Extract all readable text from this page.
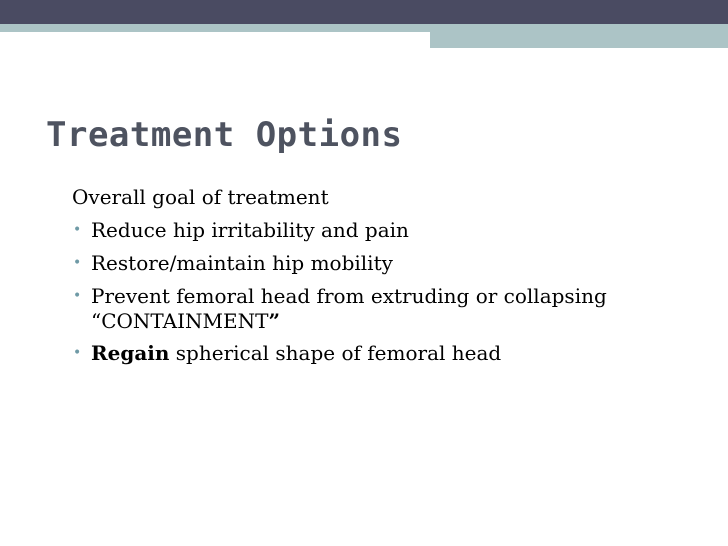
Treatment Options
Overall goal of treatment
• Reduce hip irritability and pain
• Restore/maintain hip mobility
• Prevent femoral head from extruding or collapsing
“CONTAINMENT”
• Regain spherical shape of femoral head
